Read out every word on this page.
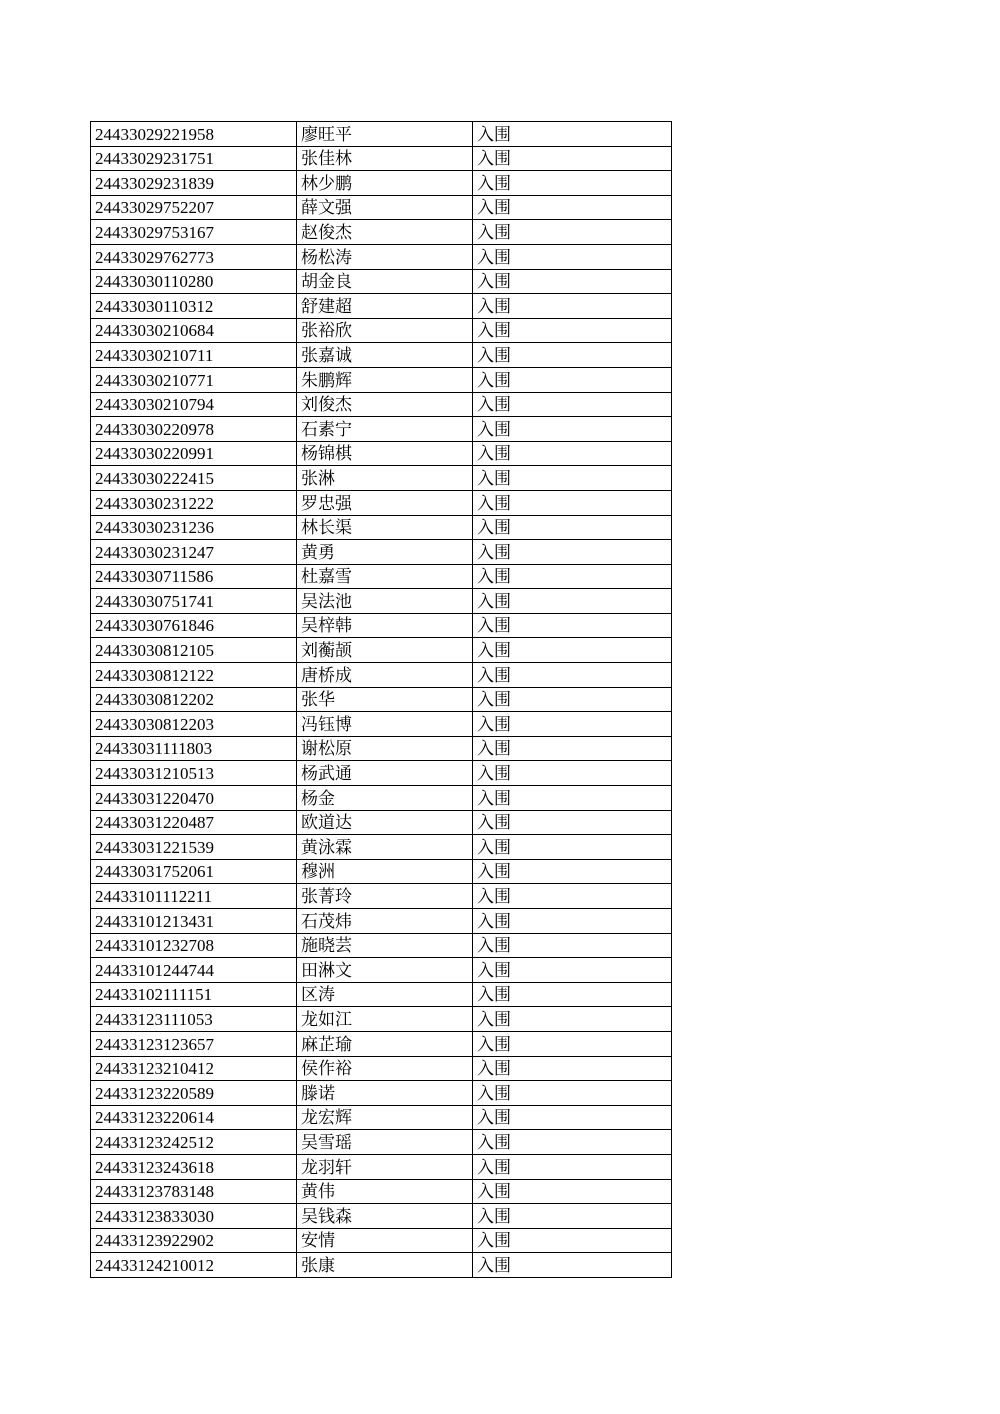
24433029221958	廖旺平	入围
24433029231751	张佳林	入围
24433029231839	林少鹏	入围
24433029752207	薛文强	入围
24433029753167	赵俊杰	入围
24433029762773	杨松涛	入围
24433030110280	胡金良	入围
24433030110312	舒建超	入围
24433030210684	张裕欣	入围
24433030210711	张嘉诚	入围
24433030210771	朱鹏辉	入围
24433030210794	刘俊杰	入围
24433030220978	石素宁	入围
24433030220991	杨锦棋	入围
24433030222415	张淋	入围
24433030231222	罗忠强	入围
24433030231236	林长渠	入围
24433030231247	黄勇	入围
24433030711586	杜嘉雪	入围
24433030751741	吴法池	入围
24433030761846	吴梓韩	入围
24433030812105	刘蘅颉	入围
24433030812122	唐桥成	入围
24433030812202	张华	入围
24433030812203	冯钰博	入围
24433031111803	谢松原	入围
24433031210513	杨武通	入围
24433031220470	杨金	入围
24433031220487	欧道达	入围
24433031221539	黄泳霖	入围
24433031752061	穆洲	入围
24433101112211	张菁玲	入围
24433101213431	石茂炜	入围
24433101232708	施晓芸	入围
24433101244744	田淋文	入围
24433102111151	区涛	入围
24433123111053	龙如江	入围
24433123123657	麻芷瑜	入围
24433123210412	侯作裕	入围
24433123220589	滕诺	入围
24433123220614	龙宏辉	入围
24433123242512	吴雪瑶	入围
24433123243618	龙羽轩	入围
24433123783148	黄伟	入围
24433123833030	吴钱森	入围
24433123922902	安情	入围
24433124210012	张康	入围
